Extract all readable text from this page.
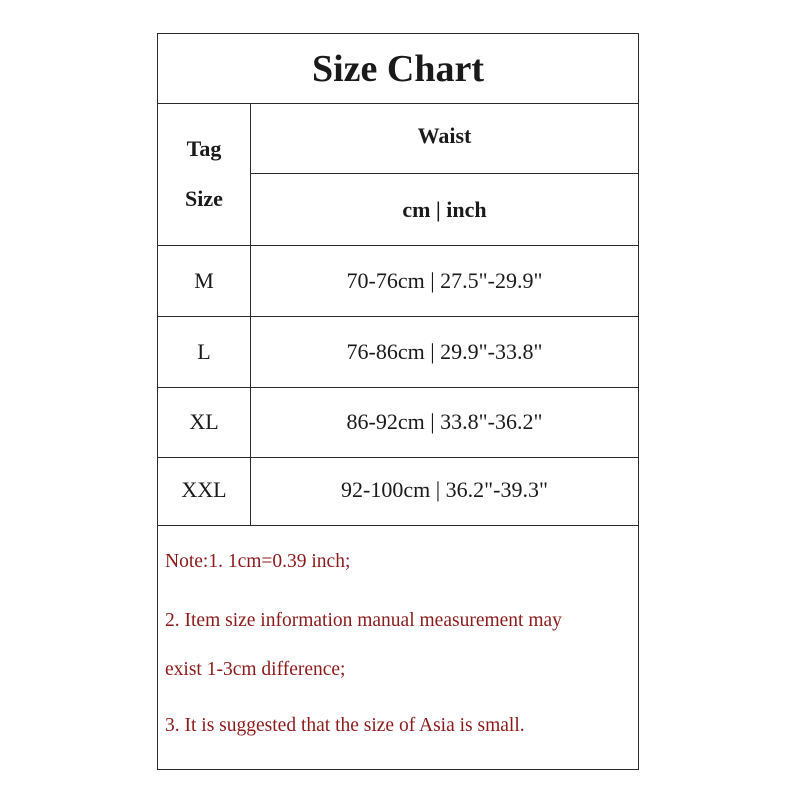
Size Chart
Tag
Size
Waist
cm | inch
M	70-76cm | 27.5"-29.9"
L	76-86cm | 29.9"-33.8"
XL	86-92cm | 33.8"-36.2"
XXL	92-100cm | 36.2"-39.3"
Note:1. 1cm=0.39 inch;
2. Item size information manual measurement may
exist 1-3cm difference;
3. It is suggested that the size of Asia is small.
